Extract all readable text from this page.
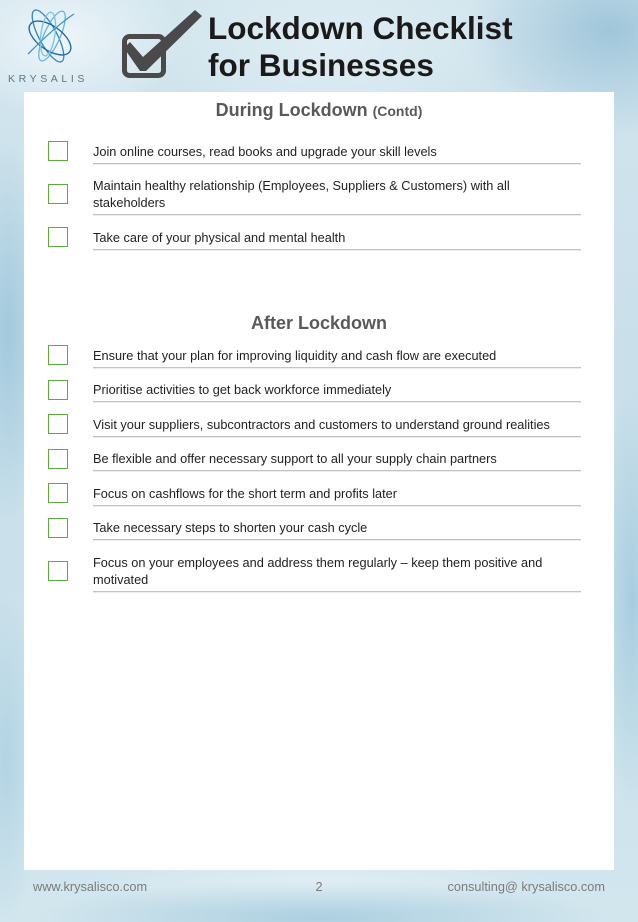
KRYSALIS
Lockdown Checklist
for Businesses
During Lockdown (Contd)
Join online courses, read books and upgrade your skill levels
Maintain healthy relationship (Employees, Suppliers & Customers) with all stakeholders
Take care of your physical and mental health
After Lockdown
Ensure that your plan for improving liquidity and cash flow are executed
Prioritise activities to get back workforce immediately
Visit your suppliers, subcontractors and customers to understand ground realities
Be flexible and offer necessary support to all your supply chain partners
Focus on cashflows for the short term and profits later
Take necessary steps to shorten your cash cycle
Focus on your employees and address them regularly – keep them positive and motivated
www.krysalisco.com	2	consulting@ krysalisco.com
